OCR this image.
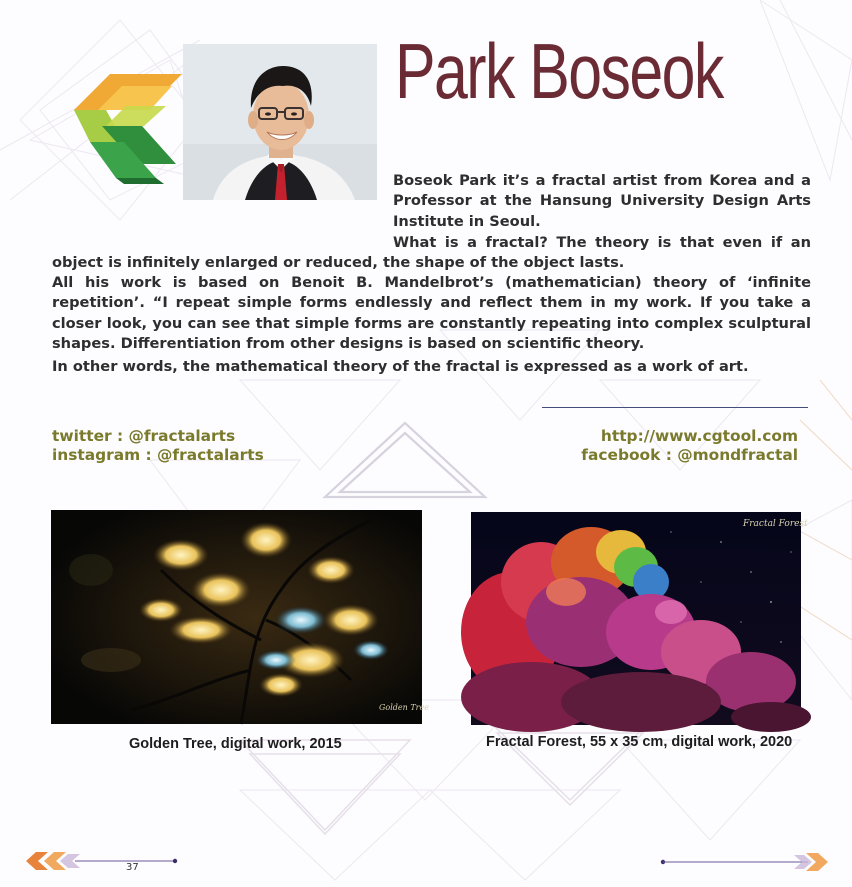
Park Boseok

Boseok Park it’s a fractal artist from Korea and a Professor at the Hansung University Design Arts Institute in Seoul.

What is a fractal? The theory is that even if an

object is infinitely enlarged or reduced, the shape of the object lasts.

All his work is based on Benoit B. Mandelbrot’s (mathematician) theory of ‘infinite repetition’. “I repeat simple forms endlessly and reflect them in my work. If you take a closer look, you can see that simple forms are constantly repeating into complex sculptural shapes. Differentiation from other designs is based on scientific theory.

In other words, the mathematical theory of the fractal is expressed as a work of art.

twitter : @fractalarts
instagram : @fractalarts
http://www.cgtool.com
facebook : @mondfractal
Golden Tree
Golden Tree, digital work, 2015
Fractal Forest
Fractal Forest, 55 x 35 cm, digital work, 2020
37
